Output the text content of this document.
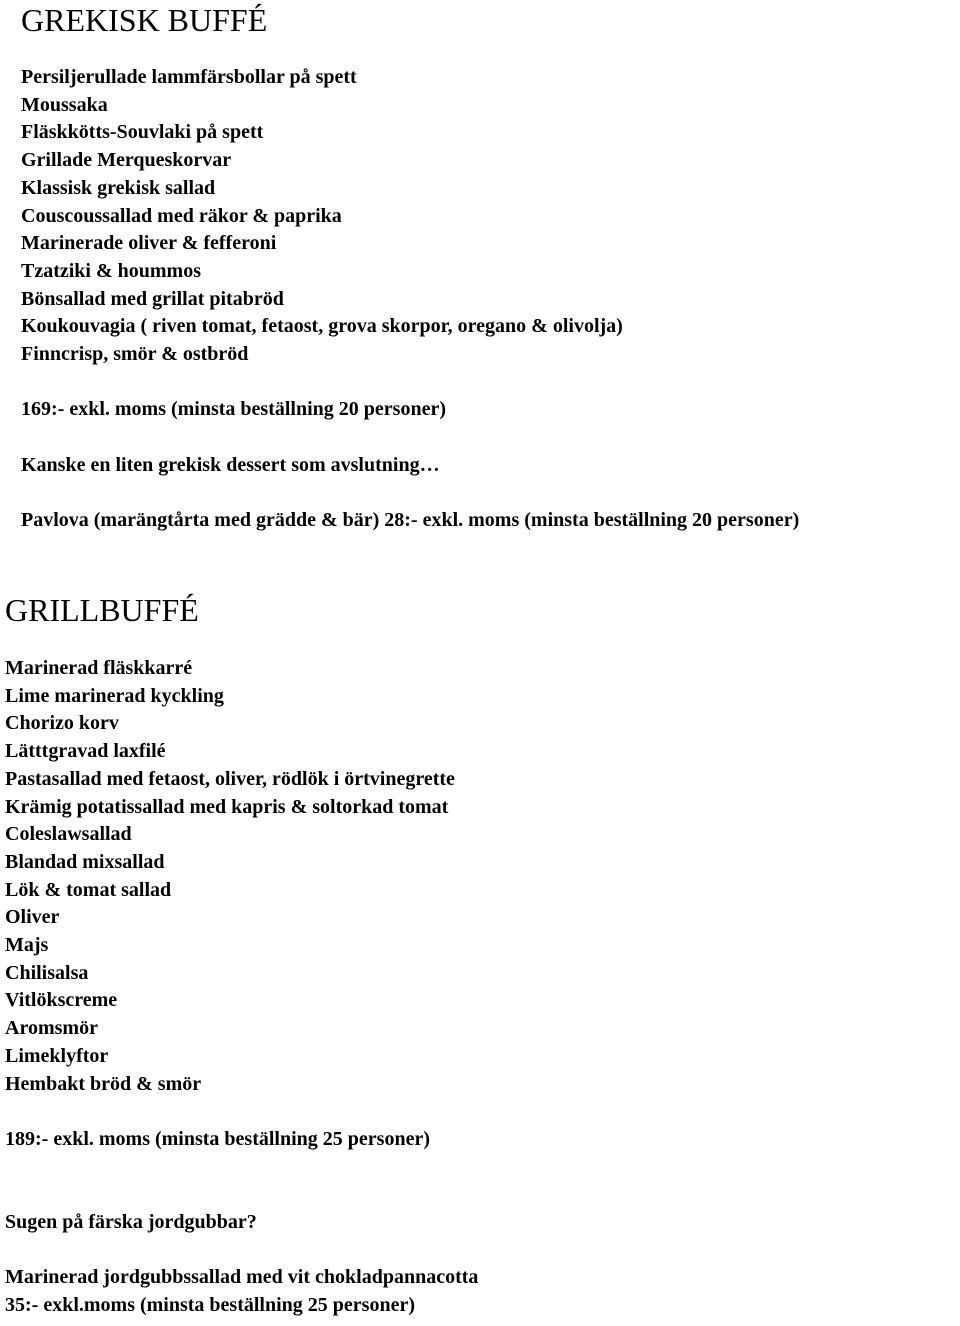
GREKISK BUFFÉ
Persiljerullade lammfärsbollar på spett
Moussaka
Fläskkötts-Souvlaki på spett
Grillade Merqueskorvar
Klassisk grekisk sallad
Couscoussallad med räkor & paprika
Marinerade oliver & fefferoni
Tzatziki & hoummos
Bönsallad med grillat pitabröd
Koukouvagia ( riven tomat, fetaost, grova skorpor, oregano & olivolja)
Finncrisp, smör & ostbröd
169:- exkl. moms (minsta beställning 20 personer)
Kanske en liten grekisk dessert som avslutning…
Pavlova (marängtårta med grädde & bär) 28:- exkl. moms (minsta beställning 20 personer)
GRILLBUFFÉ
Marinerad fläskkarré
Lime marinerad kyckling
Chorizo korv
Lätttgravad laxfilé
Pastasallad med fetaost, oliver, rödlök i örtvinegrette
Krämig potatissallad med kapris & soltorkad tomat
Coleslawsallad
Blandad mixsallad
Lök & tomat sallad
Oliver
Majs
Chilisalsa
Vitlökscreme
Aromsmör
Limeklyftor
Hembakt bröd & smör
189:- exkl. moms (minsta beställning 25 personer)
Sugen på färska jordgubbar?
Marinerad jordgubbssallad med vit chokladpannacotta
35:- exkl.moms (minsta beställning 25 personer)
